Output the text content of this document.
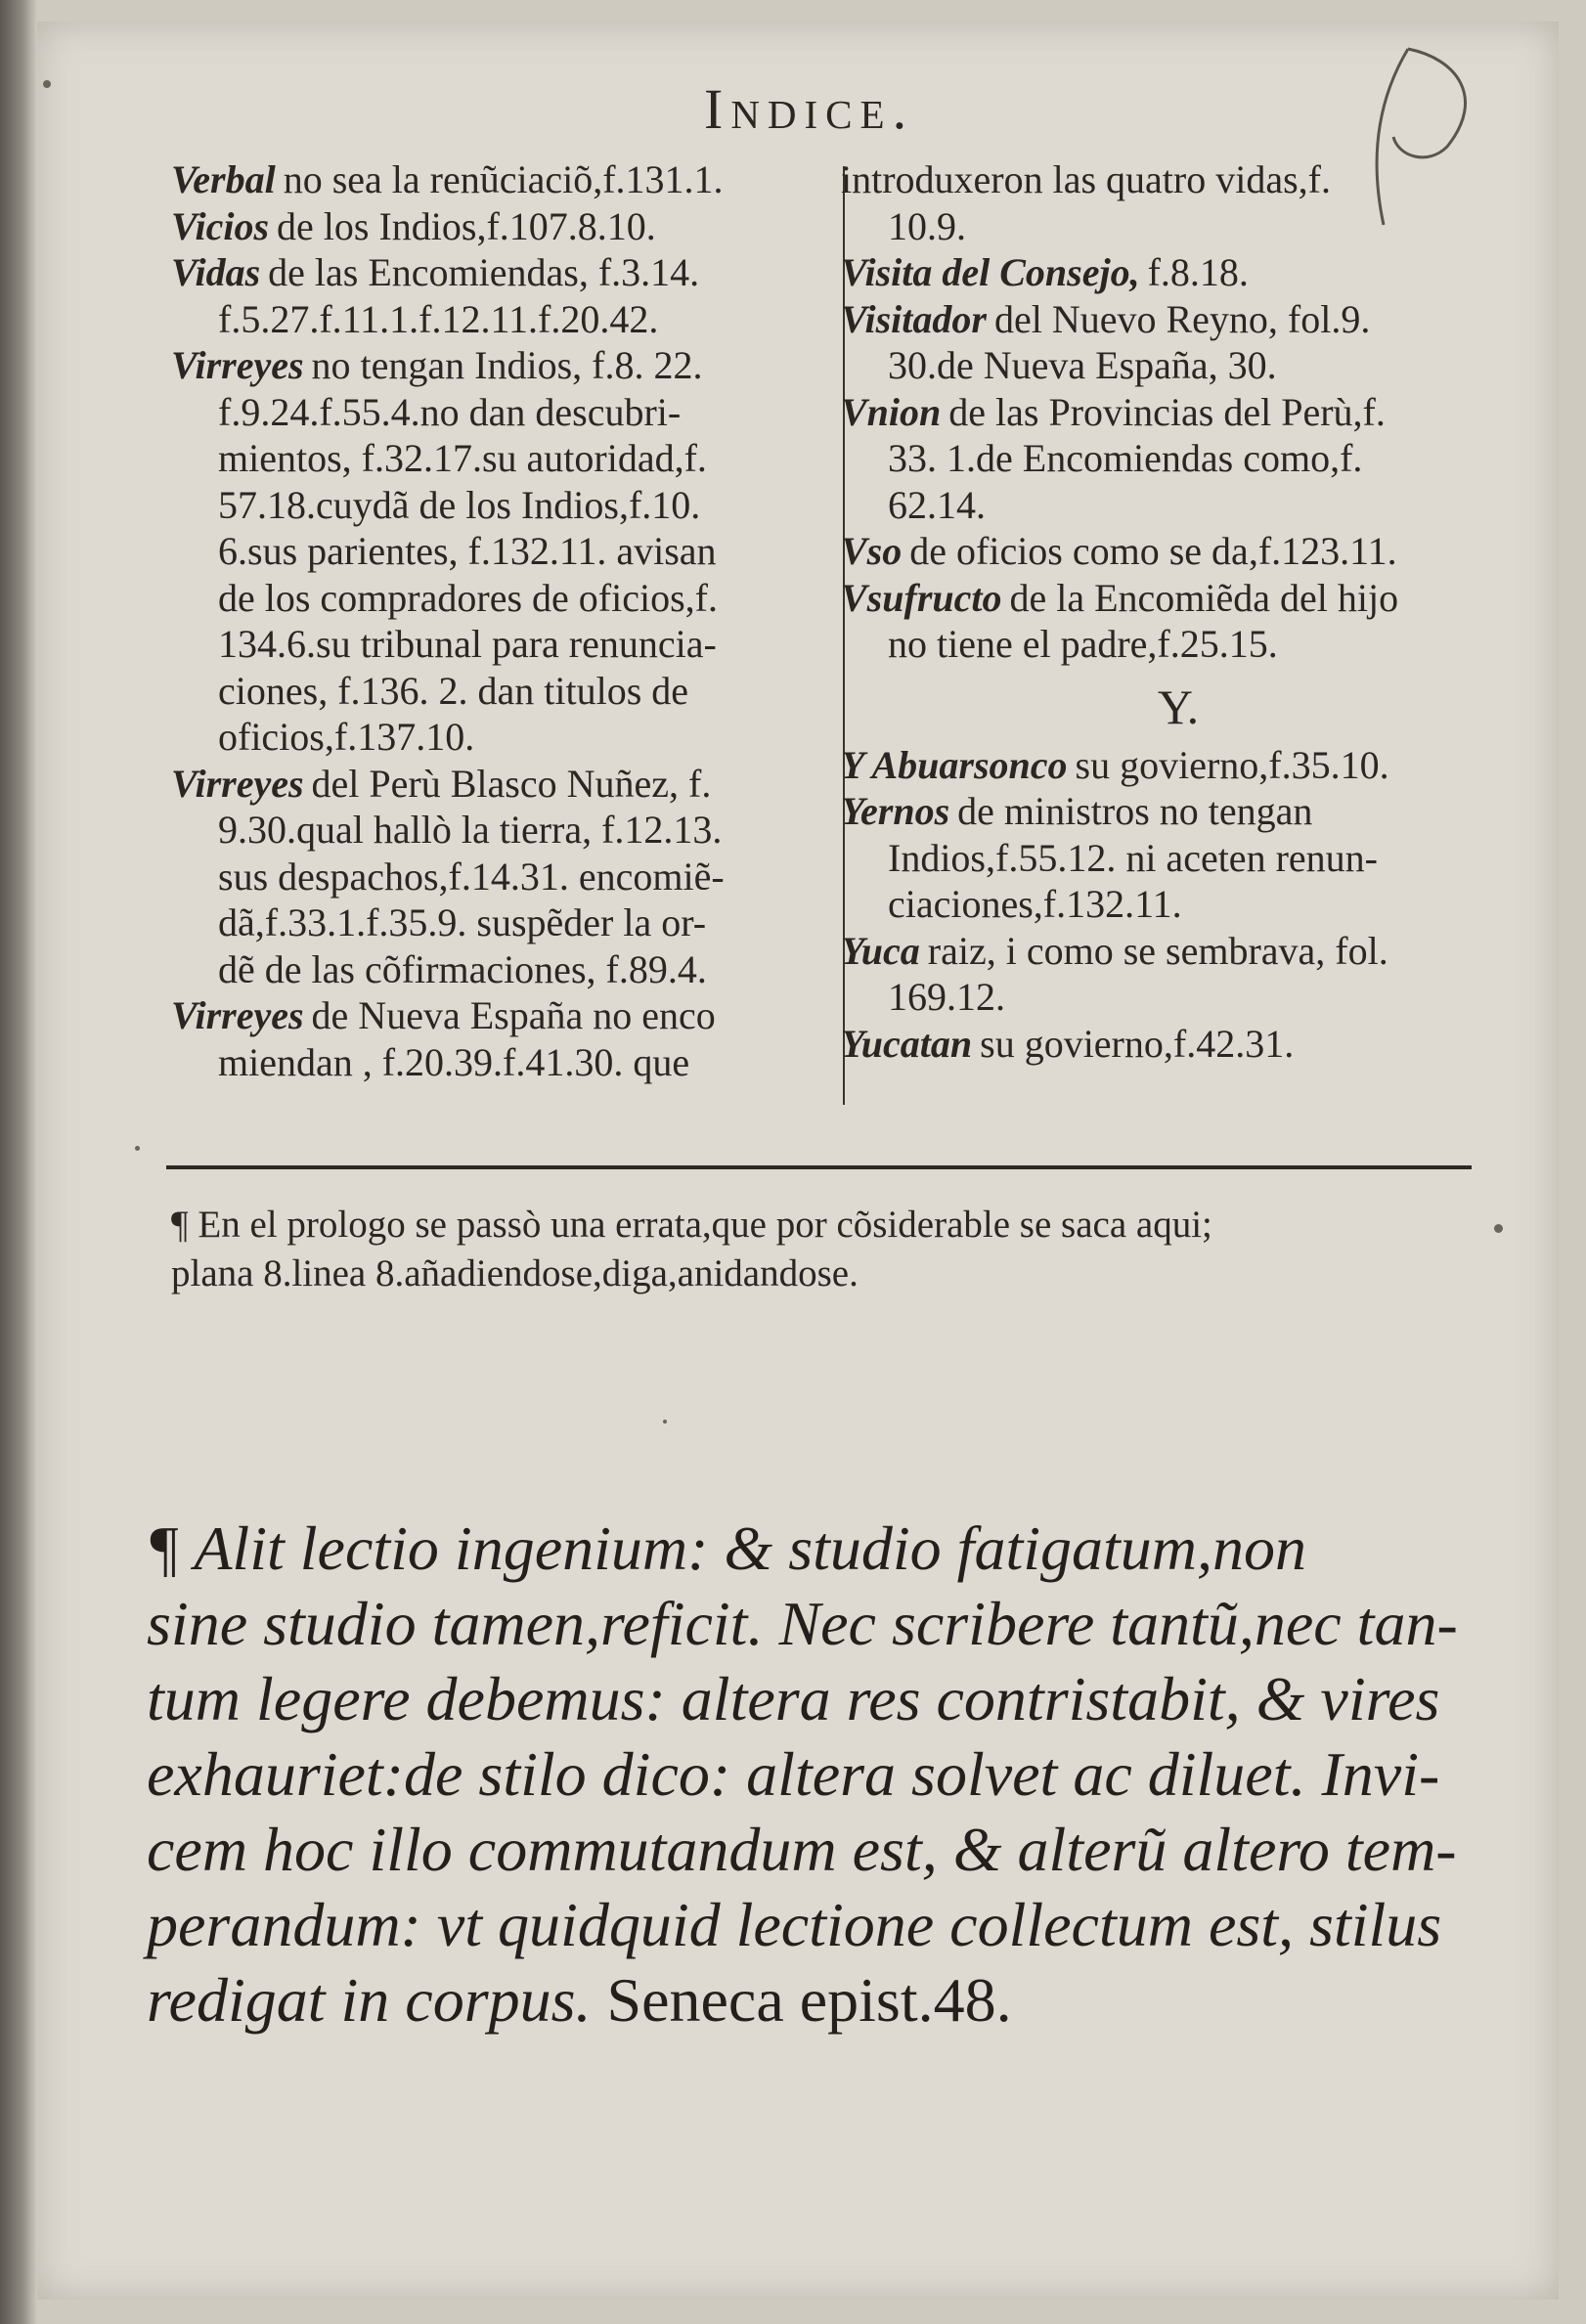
Indice.
Verbal no sea la renũciaciõ,f.131.1.
Vicios de los Indios,f.107.8.10.
Vidas de las Encomiendas, f.3.14.
f.5.27.f.11.1.f.12.11.f.20.42.
Virreyes no tengan Indios, f.8. 22.
f.9.24.f.55.4.no dan descubri-
mientos, f.32.17.su autoridad,f.
57.18.cuydã de los Indios,f.10.
6.sus parientes, f.132.11. avisan
de los compradores de oficios,f.
134.6.su tribunal para renuncia-
ciones, f.136. 2. dan titulos de
oficios,f.137.10.
Virreyes del Perù Blasco Nuñez, f.
9.30.qual hallò la tierra, f.12.13.
sus despachos,f.14.31. encomiẽ-
dã,f.33.1.f.35.9. suspẽder la or-
dẽ de las cõfirmaciones, f.89.4.
Virreyes de Nueva España no enco
miendan , f.20.39.f.41.30. que
introduxeron las quatro vidas,f.
10.9.
Visita del Consejo, f.8.18.
Visitador del Nuevo Reyno, fol.9.
30.de Nueva España, 30.
Vnion de las Provincias del Perù,f.
33. 1.de Encomiendas como,f.
62.14.
Vso de oficios como se da,f.123.11.
Vsufructo de la Encomiẽda del hijo
no tiene el padre,f.25.15.
Y.
Y Abuarsonco su govierno,f.35.10.
Yernos de ministros no tengan
Indios,f.55.12. ni aceten renun-
ciaciones,f.132.11.
Yuca raiz, i como se sembrava, fol.
169.12.
Yucatan su govierno,f.42.31.
¶ En el prologo se passò una errata,que por cõsiderable se saca aqui;
plana 8.linea 8.añadiendose,diga,anidandose.
¶ Alit lectio ingenium: & studio fatigatum,non
sine studio tamen,reficit. Nec scribere tantũ,nec tan-
tum legere debemus: altera res contristabit, & vires
exhauriet:de stilo dico: altera solvet ac diluet. Invi-
cem hoc illo commutandum est, & alterũ altero tem-
perandum: vt quidquid lectione collectum est, stilus
redigat in corpus. Seneca epist.48.
